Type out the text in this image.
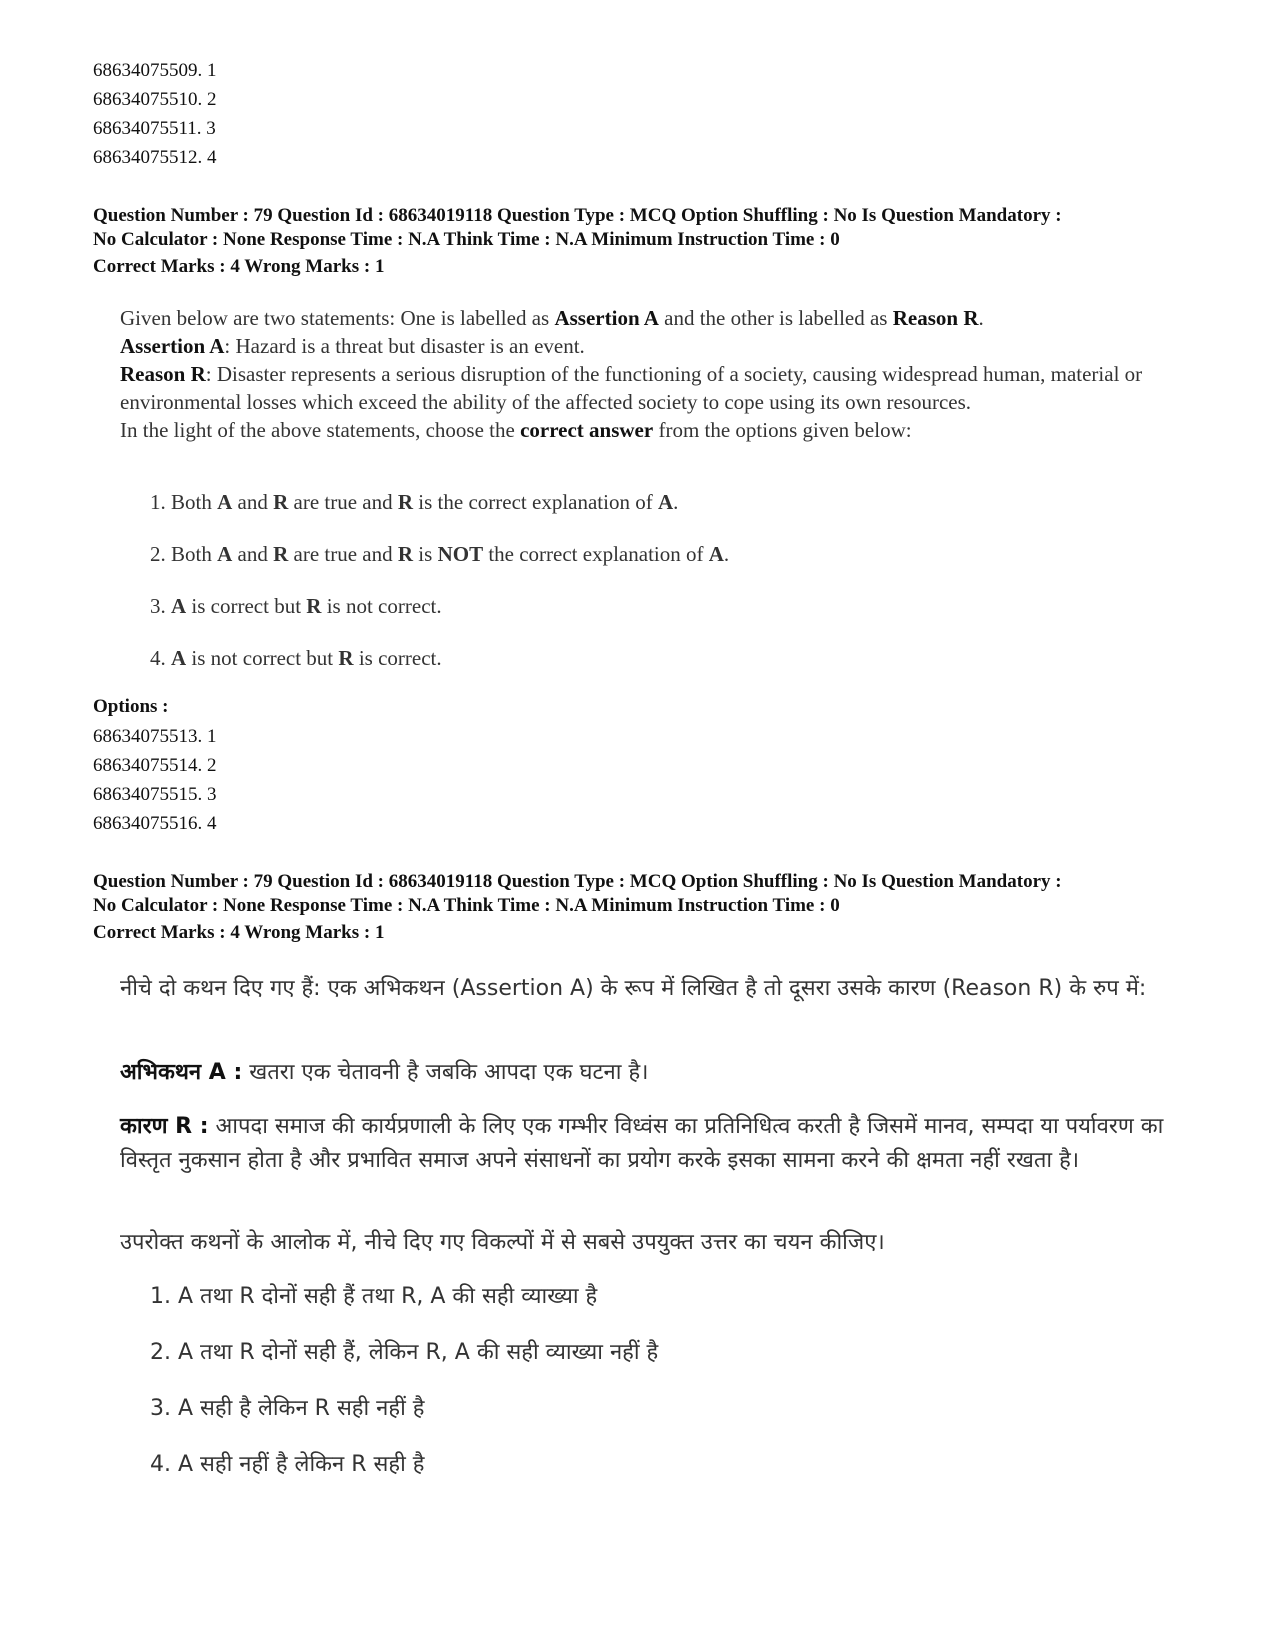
68634075509. 1
68634075510. 2
68634075511. 3
68634075512. 4
Question Number : 79 Question Id : 68634019118 Question Type : MCQ Option Shuffling : No Is Question Mandatory :
No Calculator : None Response Time : N.A Think Time : N.A Minimum Instruction Time : 0
Correct Marks : 4 Wrong Marks : 1

Given below are two statements: One is labelled as Assertion A and the other is labelled as Reason R.

Assertion A: Hazard is a threat but disaster is an event.

Reason R: Disaster represents a serious disruption of the functioning of a society, causing widespread human, material or environmental losses which exceed the ability of the affected society to cope using its own resources.

In the light of the above statements, choose the correct answer from the options given below:

1. Both A and R are true and R is the correct explanation of A.
2. Both A and R are true and R is NOT the correct explanation of A.
3. A is correct but R is not correct.
4. A is not correct but R is correct.
Options :
68634075513. 1
68634075514. 2
68634075515. 3
68634075516. 4
Question Number : 79 Question Id : 68634019118 Question Type : MCQ Option Shuffling : No Is Question Mandatory :
No Calculator : None Response Time : N.A Think Time : N.A Minimum Instruction Time : 0
Correct Marks : 4 Wrong Marks : 1

नीचे दो कथन दिए गए हैं: एक अभिकथन (Assertion A) के रूप में लिखित है तो दूसरा उसके कारण (Reason R) के रुप में:

अभिकथन A : खतरा एक चेतावनी है जबकि आपदा एक घटना है।

कारण R : आपदा समाज की कार्यप्रणाली के लिए एक गम्भीर विध्वंस का प्रतिनिधित्व करती है जिसमें मानव, सम्पदा या पर्यावरण का विस्तृत नुकसान होता है और प्रभावित समाज अपने संसाधनों का प्रयोग करके इसका सामना करने की क्षमता नहीं रखता है।

उपरोक्त कथनों के आलोक में, नीचे दिए गए विकल्पों में से सबसे उपयुक्त उत्तर का चयन कीजिए।

1. A तथा R दोनों सही हैं तथा R, A की सही व्याख्या है
2. A तथा R दोनों सही हैं, लेकिन R, A की सही व्याख्या नहीं है
3. A सही है लेकिन R सही नहीं है
4. A सही नहीं है लेकिन R सही है
